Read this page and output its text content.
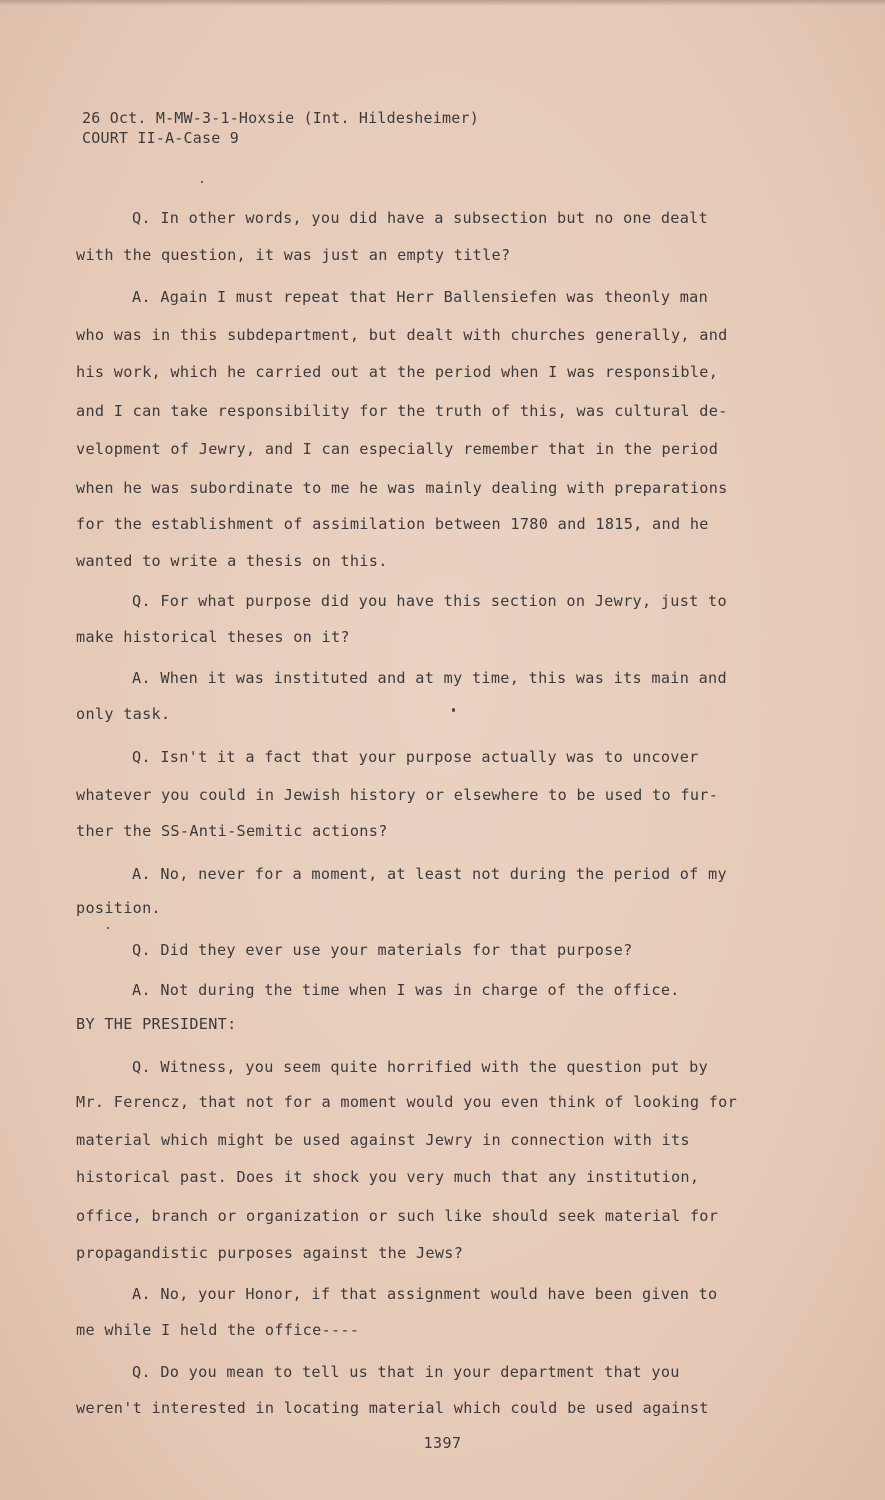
26 Oct. M-MW-3-1-Hoxsie (Int. Hildesheimer)
COURT II-A-Case 9
Q. In other words, you did have a subsection but no one dealt
with the question, it was just an empty title?
A. Again I must repeat that Herr Ballensiefen was theonly man
who was in this subdepartment, but dealt with churches generally, and
his work, which he carried out at the period when I was responsible,
and I can take responsibility for the truth of this, was cultural de-
velopment of Jewry, and I can especially remember that in the period
when he was subordinate to me he was mainly dealing with preparations
for the establishment of assimilation between 1780 and 1815, and he
wanted to write a thesis on this.
Q. For what purpose did you have this section on Jewry, just to
make historical theses on it?
A. When it was instituted and at my time, this was its main and
only task.
Q. Isn't it a fact that your purpose actually was to uncover
whatever you could in Jewish history or elsewhere to be used to fur-
ther the SS-Anti-Semitic actions?
A. No, never for a moment, at least not during the period of my
position.
Q. Did they ever use your materials for that purpose?
A. Not during the time when I was in charge of the office.
BY THE PRESIDENT:
Q. Witness, you seem quite horrified with the question put by
Mr. Ferencz, that not for a moment would you even think of looking for
material which might be used against Jewry in connection with its
historical past. Does it shock you very much that any institution,
office, branch or organization or such like should seek material for
propagandistic purposes against the Jews?
A. No, your Honor, if that assignment would have been given to
me while I held the office----
Q. Do you mean to tell us that in your department that you
weren't interested in locating material which could be used against
1397
